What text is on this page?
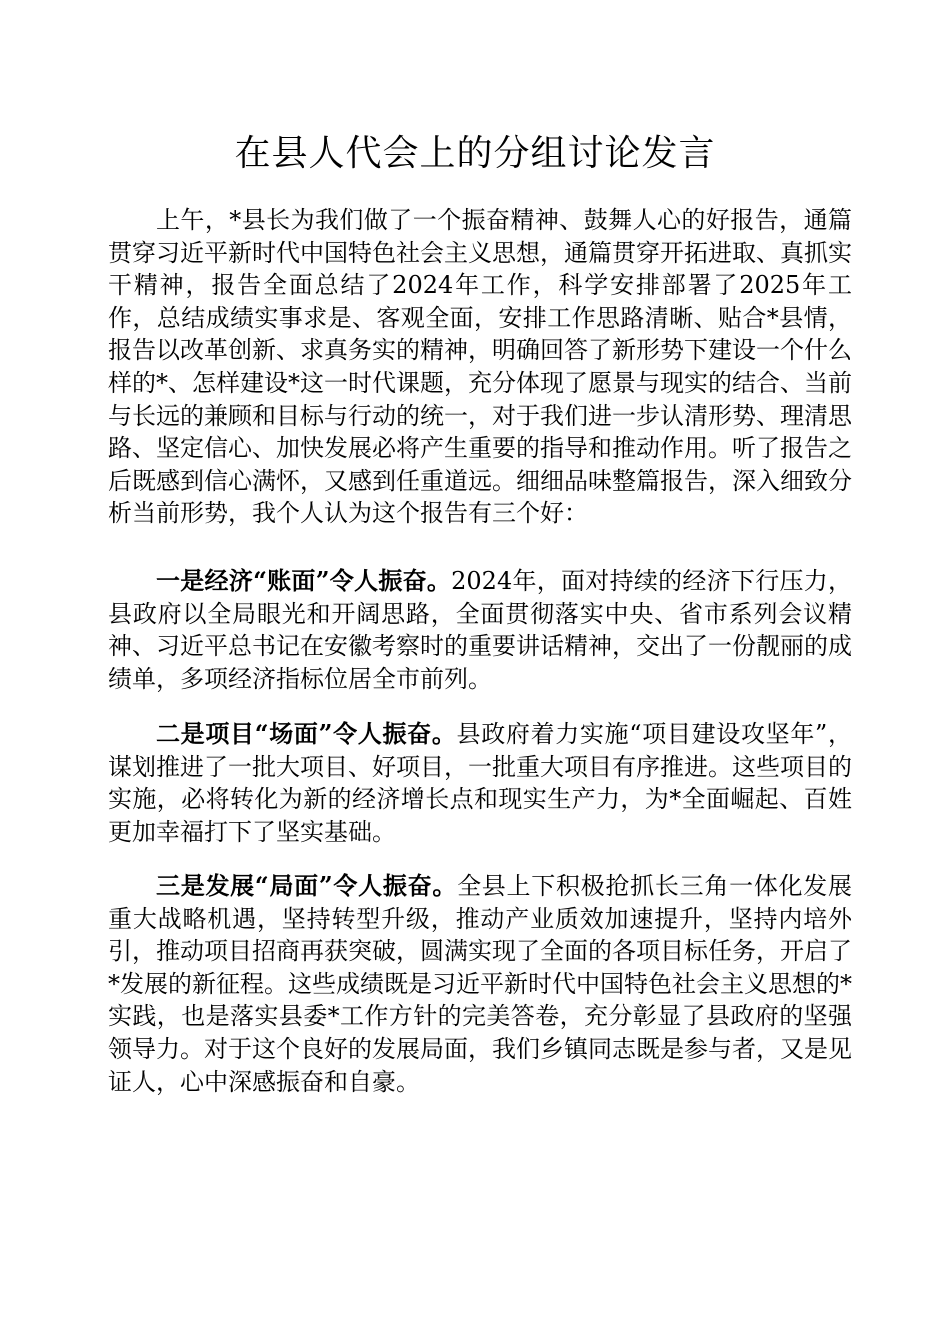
在县人代会上的分组讨论发言
上午，*县长为我们做了一个振奋精神、鼓舞人心的好报告，通篇贯穿习近平新时代中国特色社会主义思想，通篇贯穿开拓进取、真抓实干精神，报告全面总结了2024年工作，科学安排部署了2025年工作，总结成绩实事求是、客观全面，安排工作思路清晰、贴合*县情，报告以改革创新、求真务实的精神，明确回答了新形势下建设一个什么样的*、怎样建设*这一时代课题，充分体现了愿景与现实的结合、当前与长远的兼顾和目标与行动的统一，对于我们进一步认清形势、理清思路、坚定信心、加快发展必将产生重要的指导和推动作用。听了报告之后既感到信心满怀，又感到任重道远。细细品味整篇报告，深入细致分析当前形势，我个人认为这个报告有三个好：
一是经济“账面”令人振奋。2024年，面对持续的经济下行压力，县政府以全局眼光和开阔思路，全面贯彻落实中央、省市系列会议精神、习近平总书记在安徽考察时的重要讲话精神，交出了一份靓丽的成绩单，多项经济指标位居全市前列。
二是项目“场面”令人振奋。县政府着力实施“项目建设攻坚年”，谋划推进了一批大项目、好项目，一批重大项目有序推进。这些项目的实施，必将转化为新的经济增长点和现实生产力，为*全面崛起、百姓更加幸福打下了坚实基础。
三是发展“局面”令人振奋。全县上下积极抢抓长三角一体化发展重大战略机遇，坚持转型升级，推动产业质效加速提升，坚持内培外引，推动项目招商再获突破，圆满实现了全面的各项目标任务，开启了*发展的新征程。这些成绩既是习近平新时代中国特色社会主义思想的*实践，也是落实县委*工作方针的完美答卷，充分彰显了县政府的坚强领导力。对于这个良好的发展局面，我们乡镇同志既是参与者，又是见证人，心中深感振奋和自豪。
